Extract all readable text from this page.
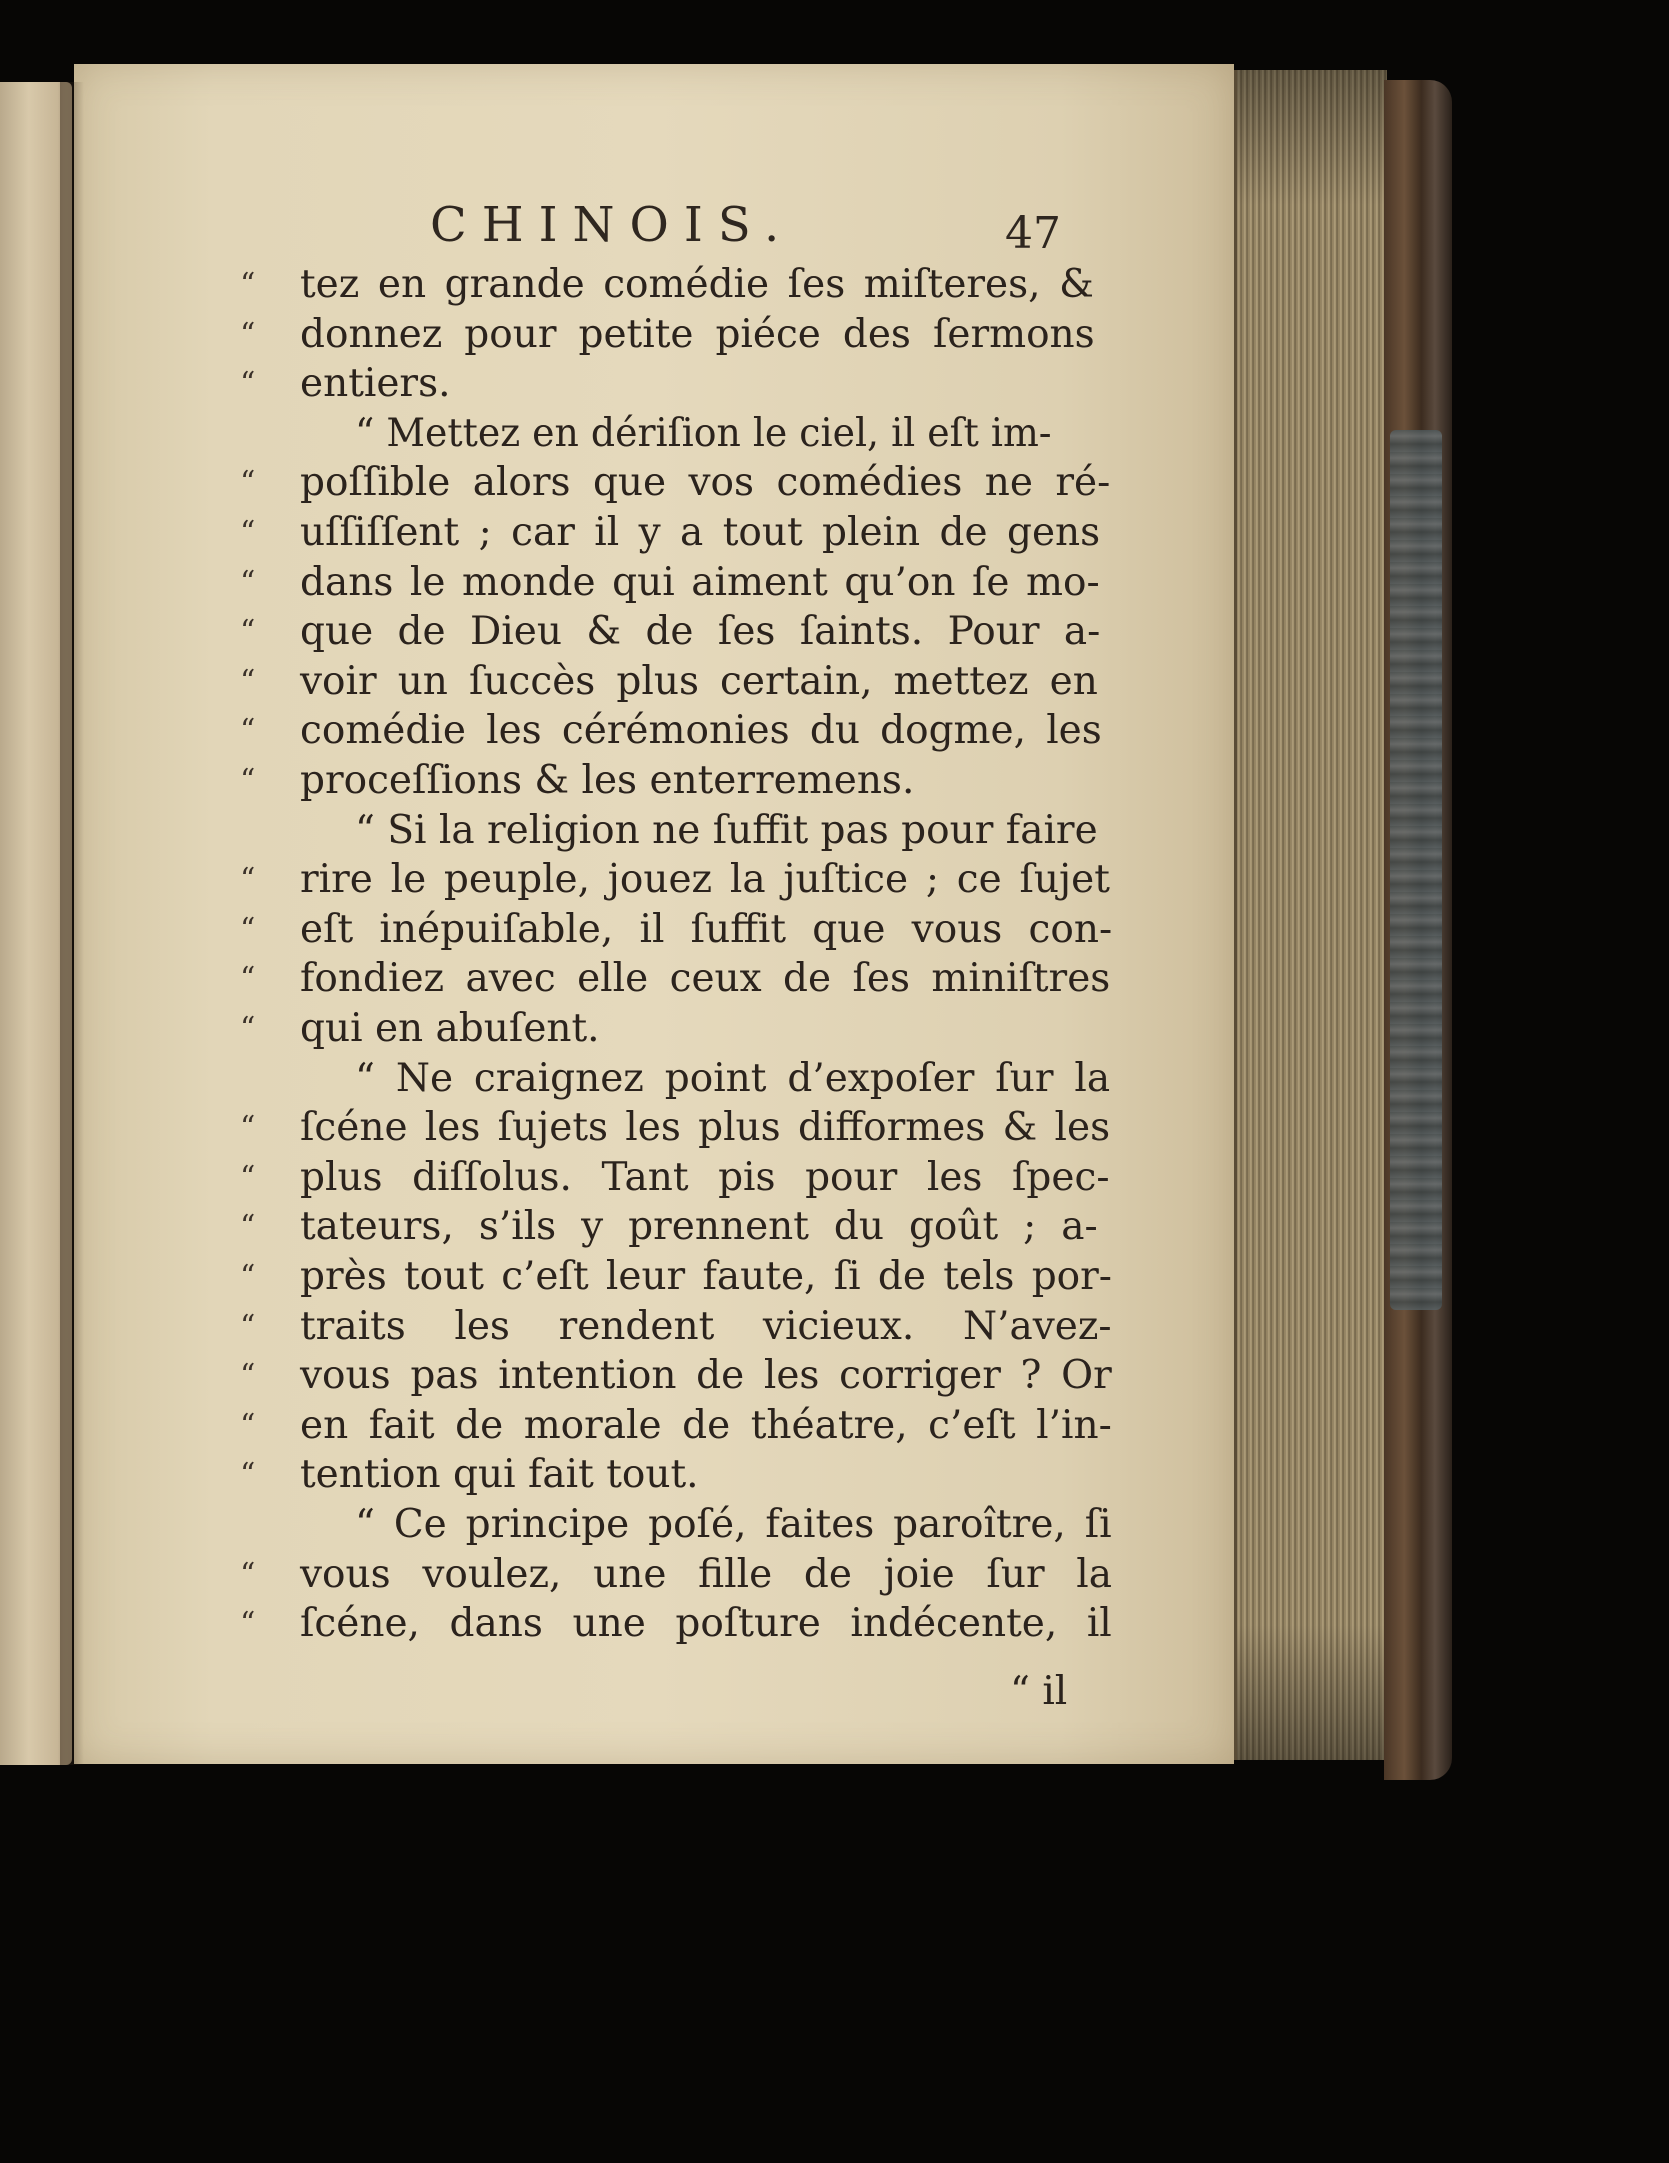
CHINOIS.	47
“ tez en grande comédie ſes miſteres, &
“ donnez pour petite piéce des ſermons
“ entiers.
“ Mettez en dériſion le ciel, il eſt im-
“ poſſible alors que vos comédies ne ré-
“ uſſiſſent ; car il y a tout plein de gens
“ dans le monde qui aiment qu’on ſe mo-
“ que de Dieu & de ſes ſaints. Pour a-
“ voir un ſuccès plus certain, mettez en
“ comédie les cérémonies du dogme, les
“ proceſſions & les enterremens.
“ Si la religion ne ſuffit pas pour faire
“ rire le peuple, jouez la juſtice ; ce ſujet
“ eſt inépuiſable, il ſuffit que vous con-
“ fondiez avec elle ceux de ſes miniſtres
“ qui en abuſent.
“ Ne craignez point d’expoſer ſur la
“ ſcéne les ſujets les plus difformes & les
“ plus diſſolus. Tant pis pour les ſpec-
“ tateurs, s’ils y prennent du goût ; a-
“ près tout c’eſt leur faute, ſi de tels por-
“ traits les rendent vicieux. N’avez-
“ vous pas intention de les corriger ? Or
“ en fait de morale de théatre, c’eſt l’in-
“ tention qui fait tout.
“ Ce principe poſé, faites paroître, ſi
“ vous voulez, une fille de joie ſur la
“ ſcéne, dans une poſture indécente, il
“ il
